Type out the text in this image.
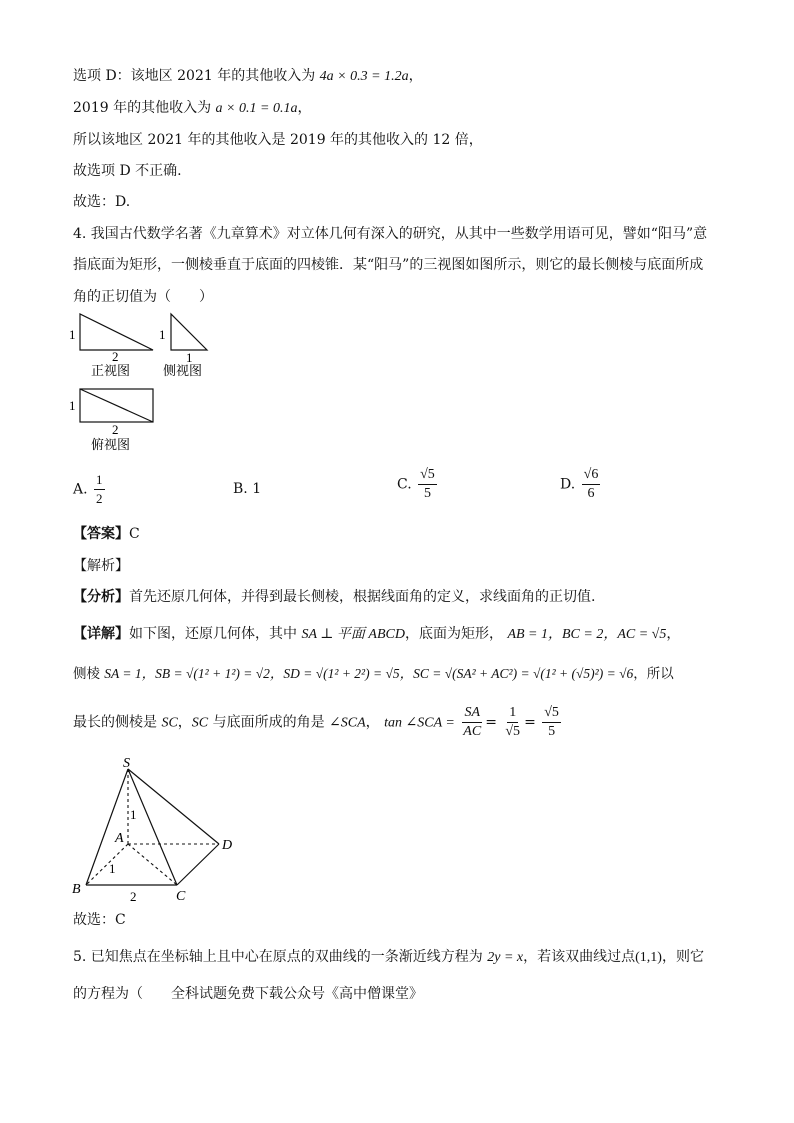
选项 D：该地区 2021 年的其他收入为 4a × 0.3 = 1.2a，
2019 年的其他收入为 a × 0.1 = 0.1a，
所以该地区 2021 年的其他收入是 2019 年的其他收入的 12 倍，
故选项 D 不正确.
故选：D.
4. 我国古代数学名著《九章算术》对立体几何有深入的研究，从其中一些数学用语可见，譬如“阳马”意
指底面为矩形，一侧棱垂直于底面的四棱锥．某“阳马”的三视图如图所示，则它的最长侧棱与底面所成
角的正切值为（　　）
1
2
正视图
1
1
侧视图
1
2
俯视图
A. $\frac{1}{2}$	B. 1	C. $\frac{√5}{5}$	D. $\frac{√6}{6}$
【答案】C
【解析】
【分析】首先还原几何体，并得到最长侧棱，根据线面角的定义，求线面角的正切值.
【详解】如下图，还原几何体，其中 SA ⊥ 平面 ABCD，底面为矩形， AB = 1，BC = 2，AC = √5，
侧棱 SA = 1，SB = √(1² + 1²) = √2，SD = √(1² + 2²) = √5，SC = √(SA² + AC²) = √(1² + (√5)²) = √6，所以
最长的侧棱是 SC，SC 与底面所成的角是 ∠SCA， tan ∠SCA = $\frac{SA}{AC} = \frac{1}{√5} = \frac{√5}{5}$
S
A
B	C
D
1
1
2
故选：C
5. 已知焦点在坐标轴上且中心在原点的双曲线的一条渐近线方程为 2y = x，若该双曲线过点(1,1)，则它
的方程为（　　全科试题免费下载公众号《高中僧课堂》
